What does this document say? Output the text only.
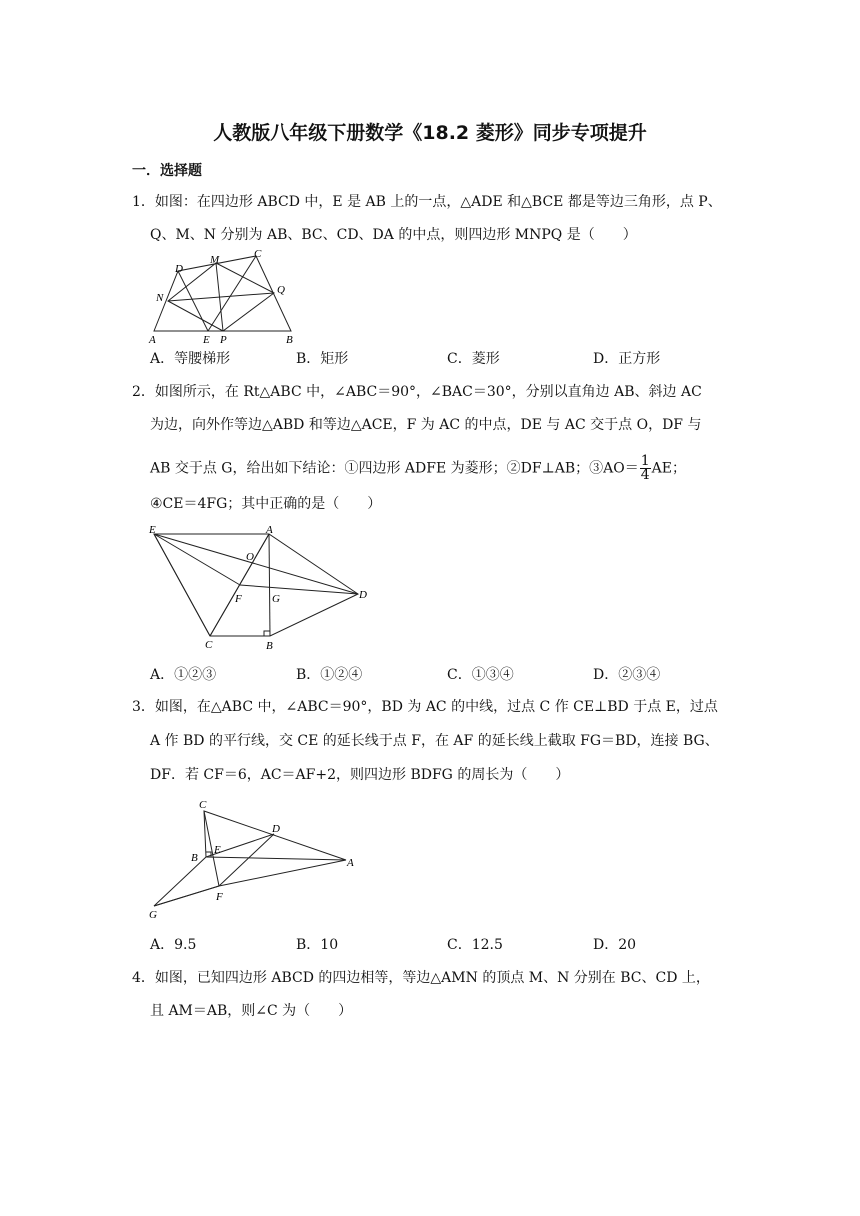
人教版八年级下册数学《18.2 菱形》同步专项提升
一．选择题
1．如图：在四边形 ABCD 中，E 是 AB 上的一点，△ADE 和△BCE 都是等边三角形，点 P、
Q、M、N 分别为 AB、BC、CD、DA 的中点，则四边形 MNPQ 是（　　）
D
M	C
N
Q
A	E P	B
A．等腰梯形	B．矩形	C．菱形	D．正方形
2．如图所示，在 Rt△ABC 中，∠ABC＝90°，∠BAC＝30°，分别以直角边 AB、斜边 AC
为边，向外作等边△ABD 和等边△ACE，F 为 AC 的中点，DE 与 AC 交于点 O，DF 与
AB 交于点 G，给出如下结论：①四边形 ADFE 为菱形；②DF⊥AB；③AO＝ $\frac{1}{4}$ AE；
④CE＝4FG；其中正确的是（　　）
E	A
O
F	G	D
C	B
A．①②③	B．①②④	C．①③④	D．②③④
3．如图，在△ABC 中，∠ABC＝90°，BD 为 AC 的中线，过点 C 作 CE⊥BD 于点 E，过点
A 作 BD 的平行线，交 CE 的延长线于点 F，在 AF 的延长线上截取 FG＝BD，连接 BG、
DF．若 CF＝6，AC＝AF+2，则四边形 BDFG 的周长为（　　）
C
D
E
B	A
G
F
A．9.5	B．10	C．12.5	D．20
4．如图，已知四边形 ABCD 的四边相等，等边△AMN 的顶点 M、N 分别在 BC、CD 上，
且 AM＝AB，则∠C 为（　　）
